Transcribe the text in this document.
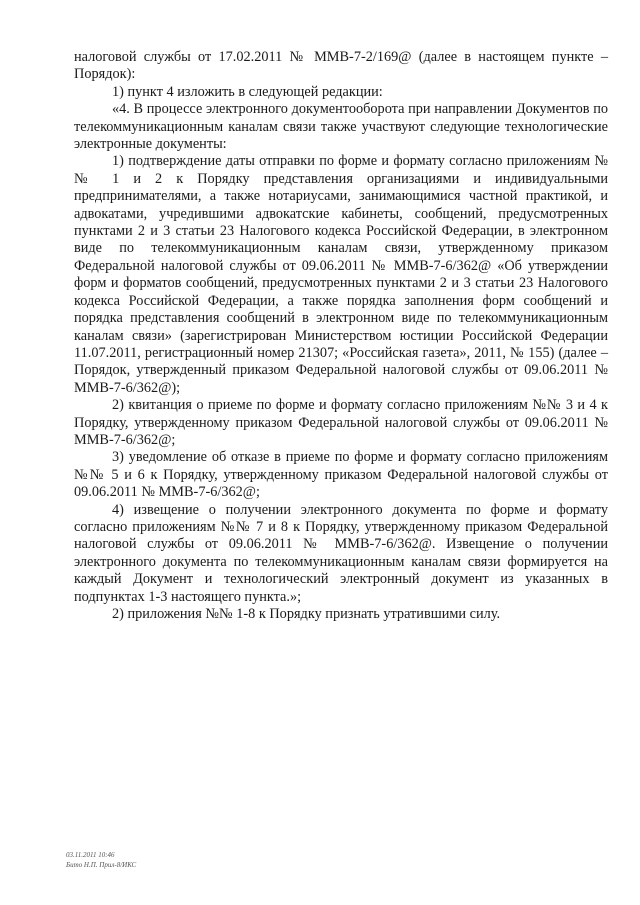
налоговой службы от 17.02.2011 № ММВ-7-2/169@ (далее в настоящем пункте – Порядок):

1) пункт 4 изложить в следующей редакции:

«4. В процессе электронного документооборота при направлении Документов по телекоммуникационным каналам связи также участвуют следующие технологические электронные документы:

1) подтверждение даты отправки по форме и формату согласно приложениям №№ 1 и 2 к Порядку представления организациями и индивидуальными предпринимателями, а также нотариусами, занимающимися частной практикой, и адвокатами, учредившими адвокатские кабинеты, сообщений, предусмотренных пунктами 2 и 3 статьи 23 Налогового кодекса Российской Федерации, в электронном виде по телекоммуникационным каналам связи, утвержденному приказом Федеральной налоговой службы от 09.06.2011 № ММВ-7-6/362@ «Об утверждении форм и форматов сообщений, предусмотренных пунктами 2 и 3 статьи 23 Налогового кодекса Российской Федерации, а также порядка заполнения форм сообщений и порядка представления сообщений в электронном виде по телекоммуникационным каналам связи» (зарегистрирован Министерством юстиции Российской Федерации 11.07.2011, регистрационный номер 21307; «Российская газета», 2011, № 155) (далее – Порядок, утвержденный приказом Федеральной налоговой службы от 09.06.2011 № ММВ-7-6/362@);

2) квитанция о приеме по форме и формату согласно приложениям №№ 3 и 4 к Порядку, утвержденному приказом Федеральной налоговой службы от 09.06.2011 № ММВ-7-6/362@;

3) уведомление об отказе в приеме по форме и формату согласно приложениям №№ 5 и 6 к Порядку, утвержденному приказом Федеральной налоговой службы от 09.06.2011 № ММВ-7-6/362@;

4) извещение о получении электронного документа по форме и формату согласно приложениям №№ 7 и 8 к Порядку, утвержденному приказом Федеральной налоговой службы от 09.06.2011 № ММВ-7-6/362@. Извещение о получении электронного документа по телекоммуникационным каналам связи формируется на каждый Документ и технологический электронный документ из указанных в подпунктах 1-3 настоящего пункта.»;

2) приложения №№ 1-8 к Порядку признать утратившими силу.

03.11.2011 10:46
Бито Н.П. Прил-8/ИКС
